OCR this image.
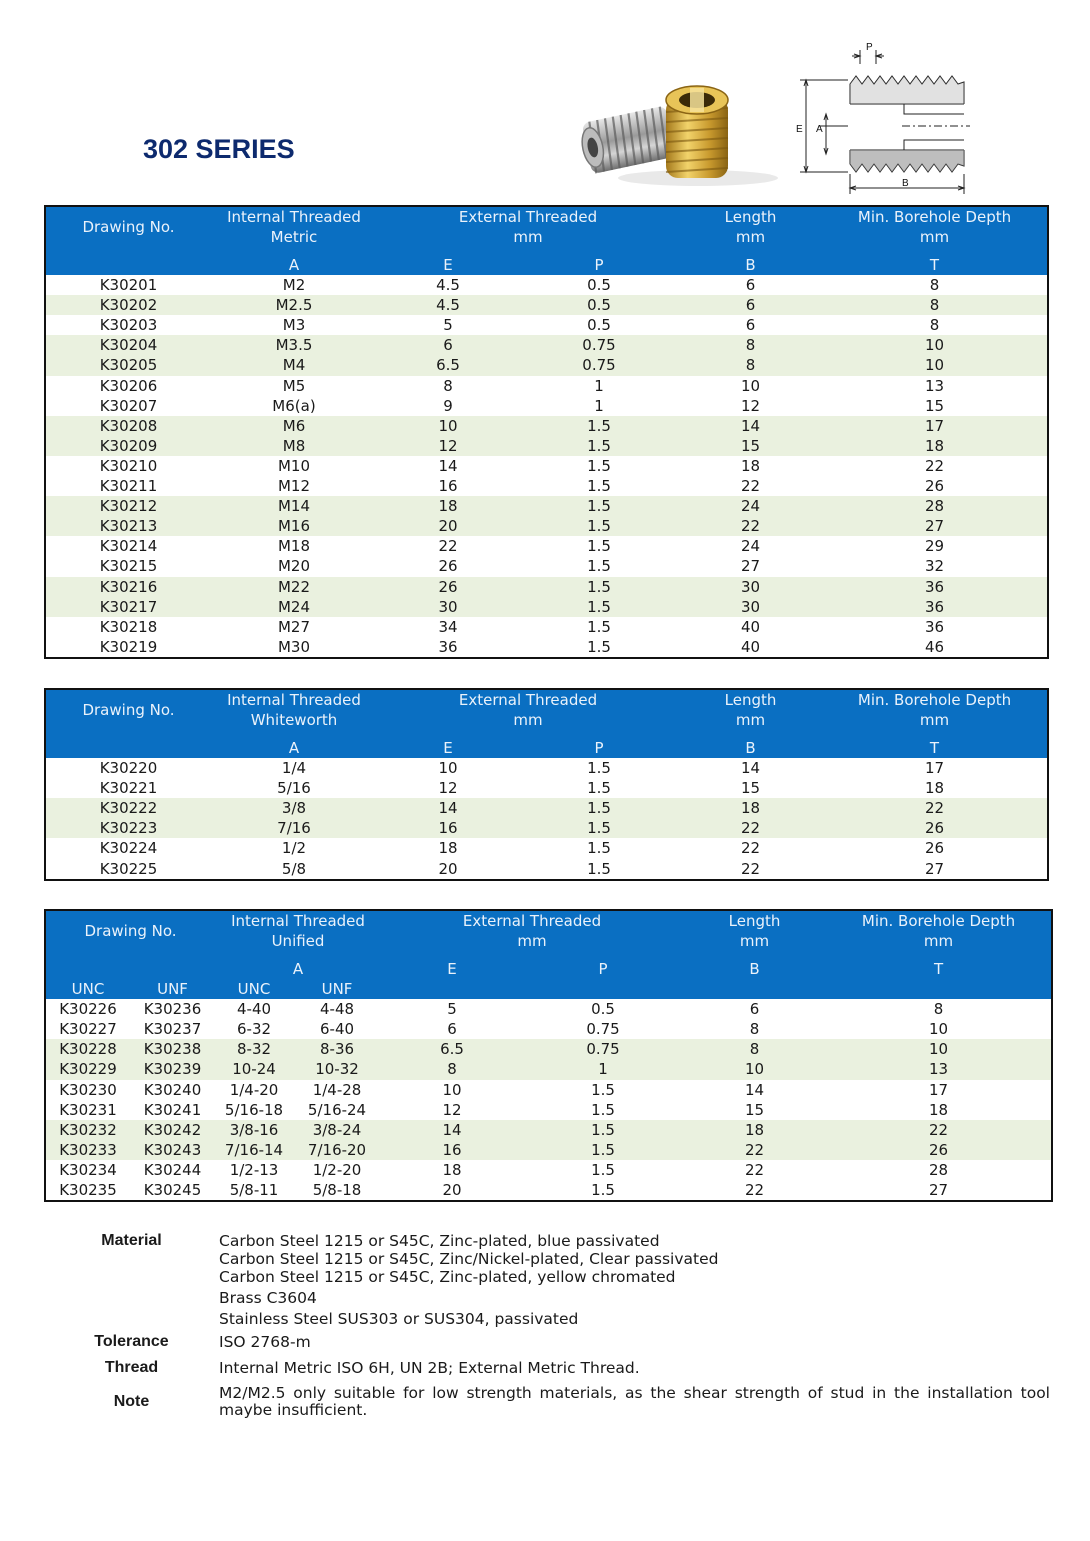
302 SERIES
P
E A
B
Drawing No.	Internal Threaded	External Threaded		Length	Min. Borehole Depth
	Metric	mm		mm	mm

	A	E	P	B	T
K30201	M2	4.5	0.5	6	8
K30202	M2.5	4.5	0.5	6	8
K30203	M3	5	0.5	6	8
K30204	M3.5	6	0.75	8	10
K30205	M4	6.5	0.75	8	10
K30206	M5	8	1	10	13
K30207	M6(a)	9	1	12	15
K30208	M6	10	1.5	14	17
K30209	M8	12	1.5	15	18
K30210	M10	14	1.5	18	22
K30211	M12	16	1.5	22	26
K30212	M14	18	1.5	24	28
K30213	M16	20	1.5	22	27
K30214	M18	22	1.5	24	29
K30215	M20	26	1.5	27	32
K30216	M22	26	1.5	30	36
K30217	M24	30	1.5	30	36
K30218	M27	34	1.5	40	36
K30219	M30	36	1.5	40	46
Drawing No.	Internal Threaded	External Threaded		Length	Min. Borehole Depth
	Whiteworth	mm		mm	mm

	A	E	P	B	T
K30220	1/4	10	1.5	14	17
K30221	5/16	12	1.5	15	18
K30222	3/8	14	1.5	18	22
K30223	7/16	16	1.5	22	26
K30224	1/2	18	1.5	22	26
K30225	5/8	20	1.5	22	27
Drawing No.		Internal Threaded		External Threaded		Length	Min. Borehole Depth
		Unified		mm		mm	mm

		A		E	P	B	T
UNC	UNF	UNC	UNF				
K30226	K30236	4-40	4-48	5	0.5	6	8
K30227	K30237	6-32	6-40	6	0.75	8	10
K30228	K30238	8-32	8-36	6.5	0.75	8	10
K30229	K30239	10-24	10-32	8	1	10	13
K30230	K30240	1/4-20	1/4-28	10	1.5	14	17
K30231	K30241	5/16-18	5/16-24	12	1.5	15	18
K30232	K30242	3/8-16	3/8-24	14	1.5	18	22
K30233	K30243	7/16-14	7/16-20	16	1.5	22	26
K30234	K30244	1/2-13	1/2-20	18	1.5	22	28
K30235	K30245	5/8-11	5/8-18	20	1.5	22	27
Material	Carbon Steel 1215 or S45C, Zinc-plated, blue passivated
Carbon Steel 1215 or S45C, Zinc/Nickel-plated, Clear passivated
Carbon Steel 1215 or S45C, Zinc-plated, yellow chromated
Brass C3604
Stainless Steel SUS303 or SUS304, passivated
Tolerance	ISO 2768-m
Thread	Internal Metric ISO 6H, UN 2B; External Metric Thread.
Note	M2/M2.5 only suitable for low strength materials, as the shear strength of stud in the installation tool maybe insufficient.
